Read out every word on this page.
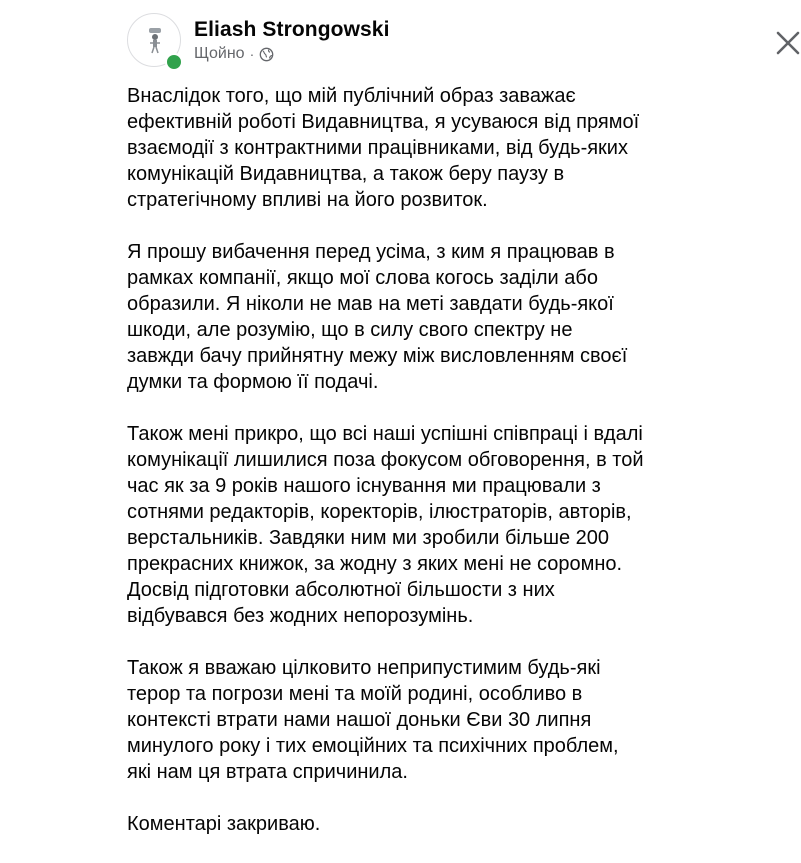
Eliash Strongowski
Щойно ·

Внаслідок того, що мій публічний образ заважає
ефективній роботі Видавництва, я усуваюся від прямої
взаємодії з контрактними працівниками, від будь-яких
комунікацій Видавництва, а також беру паузу в
стратегічному впливі на його розвиток.

Я прошу вибачення перед усіма, з ким я працював в
рамках компанії, якщо мої слова когось заділи або
образили. Я ніколи не мав на меті завдати будь-якої
шкоди, але розумію, що в силу свого спектру не
завжди бачу прийнятну межу між висловленням своєї
думки та формою її подачі.

Також мені прикро, що всі наші успішні співпраці і вдалі
комунікації лишилися поза фокусом обговорення, в той
час як за 9 років нашого існування ми працювали з
сотнями редакторів, коректорів, ілюстраторів, авторів,
верстальників. Завдяки ним ми зробили більше 200
прекрасних книжок, за жодну з яких мені не соромно.
Досвід підготовки абсолютної більшости з них
відбувався без жодних непорозумінь.

Також я вважаю цілковито неприпустимим будь-які
терор та погрози мені та моїй родині, особливо в
контексті втрати нами нашої доньки Єви 30 липня
минулого року і тих емоційних та психічних проблем,
які нам ця втрата спричинила.

Коментарі закриваю.
